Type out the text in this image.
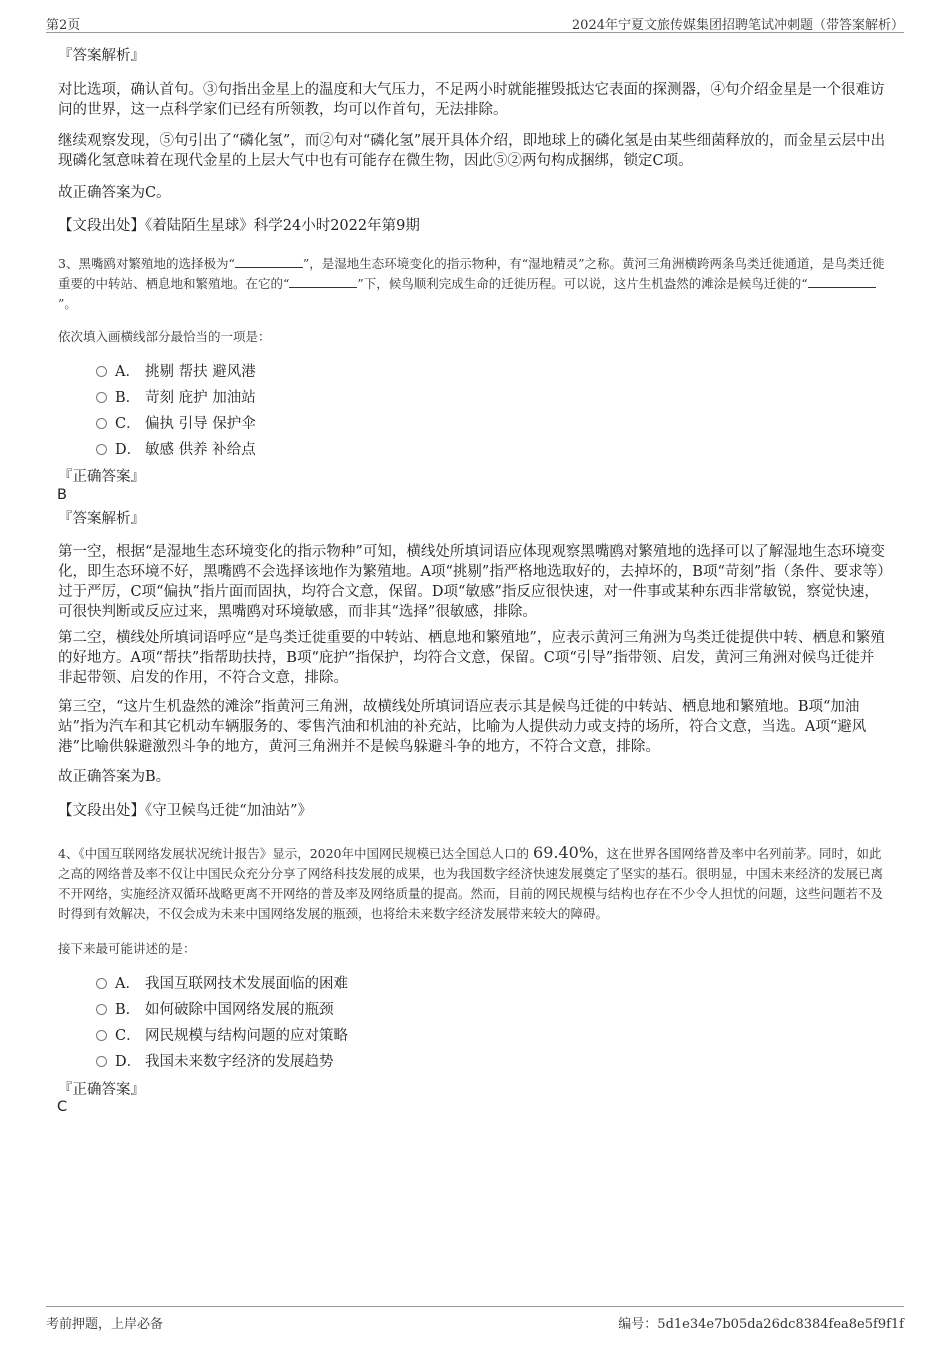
第2页	2024年宁夏文旅传媒集团招聘笔试冲刺题（带答案解析）

『答案解析』

对比选项，确认首句。③句指出金星上的温度和大气压力，不足两小时就能摧毁抵达它表面的探测器，④句介绍金星是一个很难访问的世界，这一点科学家们已经有所领教，均可以作首句，无法排除。

继续观察发现，⑤句引出了“磷化氢”，而②句对“磷化氢”展开具体介绍，即地球上的磷化氢是由某些细菌释放的，而金星云层中出现磷化氢意味着在现代金星的上层大气中也有可能存在微生物，因此⑤②两句构成捆绑，锁定C项。

故正确答案为C。

【文段出处】《着陆陌生星球》科学24小时2022年第9期

3、黑嘴鸥对繁殖地的选择极为“	”，是湿地生态环境变化的指示物种，有“湿地精灵”之称。黄河三角洲横跨两条鸟类迁徙通道，是鸟类迁徙重要的中转站、栖息地和繁殖地。在它的“	”下，候鸟顺利完成生命的迁徙历程。可以说，这片生机盎然的滩涂是候鸟迁徙的“”。

依次填入画横线部分最恰当的一项是：

A． 挑剔 帮扶 避风港
B． 苛刻 庇护 加油站
C． 偏执 引导 保护伞
D． 敏感 供养 补给点

『正确答案』

B

『答案解析』

第一空，根据“是湿地生态环境变化的指示物种”可知，横线处所填词语应体现观察黑嘴鸥对繁殖地的选择可以了解湿地生态环境变化，即生态环境不好，黑嘴鸥不会选择该地作为繁殖地。A项“挑剔”指严格地选取好的，去掉坏的，B项“苛刻”指（条件、要求等）过于严厉，C项“偏执”指片面而固执，均符合文意，保留。D项“敏感”指反应很快速，对一件事或某种东西非常敏锐，察觉快速，可很快判断或反应过来，黑嘴鸥对环境敏感，而非其“选择”很敏感，排除。

第二空，横线处所填词语呼应“是鸟类迁徙重要的中转站、栖息地和繁殖地”，应表示黄河三角洲为鸟类迁徙提供中转、栖息和繁殖的好地方。A项“帮扶”指帮助扶持，B项“庇护”指保护，均符合文意，保留。C项“引导”指带领、启发，黄河三角洲对候鸟迁徙并非起带领、启发的作用，不符合文意，排除。

第三空，“这片生机盎然的滩涂”指黄河三角洲，故横线处所填词语应表示其是候鸟迁徙的中转站、栖息地和繁殖地。B项“加油站”指为汽车和其它机动车辆服务的、零售汽油和机油的补充站，比喻为人提供动力或支持的场所，符合文意，当选。A项“避风港”比喻供躲避激烈斗争的地方，黄河三角洲并不是候鸟躲避斗争的地方，不符合文意，排除。

故正确答案为B。

【文段出处】《守卫候鸟迁徙“加油站”》

4、《中国互联网络发展状况统计报告》显示，2020年中国网民规模已达全国总人口的 69.40%，这在世界各国网络普及率中名列前茅。同时，如此之高的网络普及率不仅让中国民众充分分享了网络科技发展的成果，也为我国数字经济快速发展奠定了坚实的基石。很明显，中国未来经济的发展已离不开网络，实施经济双循环战略更离不开网络的普及率及网络质量的提高。然而，目前的网民规模与结构也存在不少令人担忧的问题，这些问题若不及时得到有效解决，不仅会成为未来中国网络发展的瓶颈，也将给未来数字经济发展带来较大的障碍。

接下来最可能讲述的是：

A． 我国互联网技术发展面临的困难
B． 如何破除中国网络发展的瓶颈
C． 网民规模与结构问题的应对策略
D． 我国未来数字经济的发展趋势

『正确答案』

C
考前押题，上岸必备	编号：5d1e34e7b05da26dc8384fea8e5f9f1f
